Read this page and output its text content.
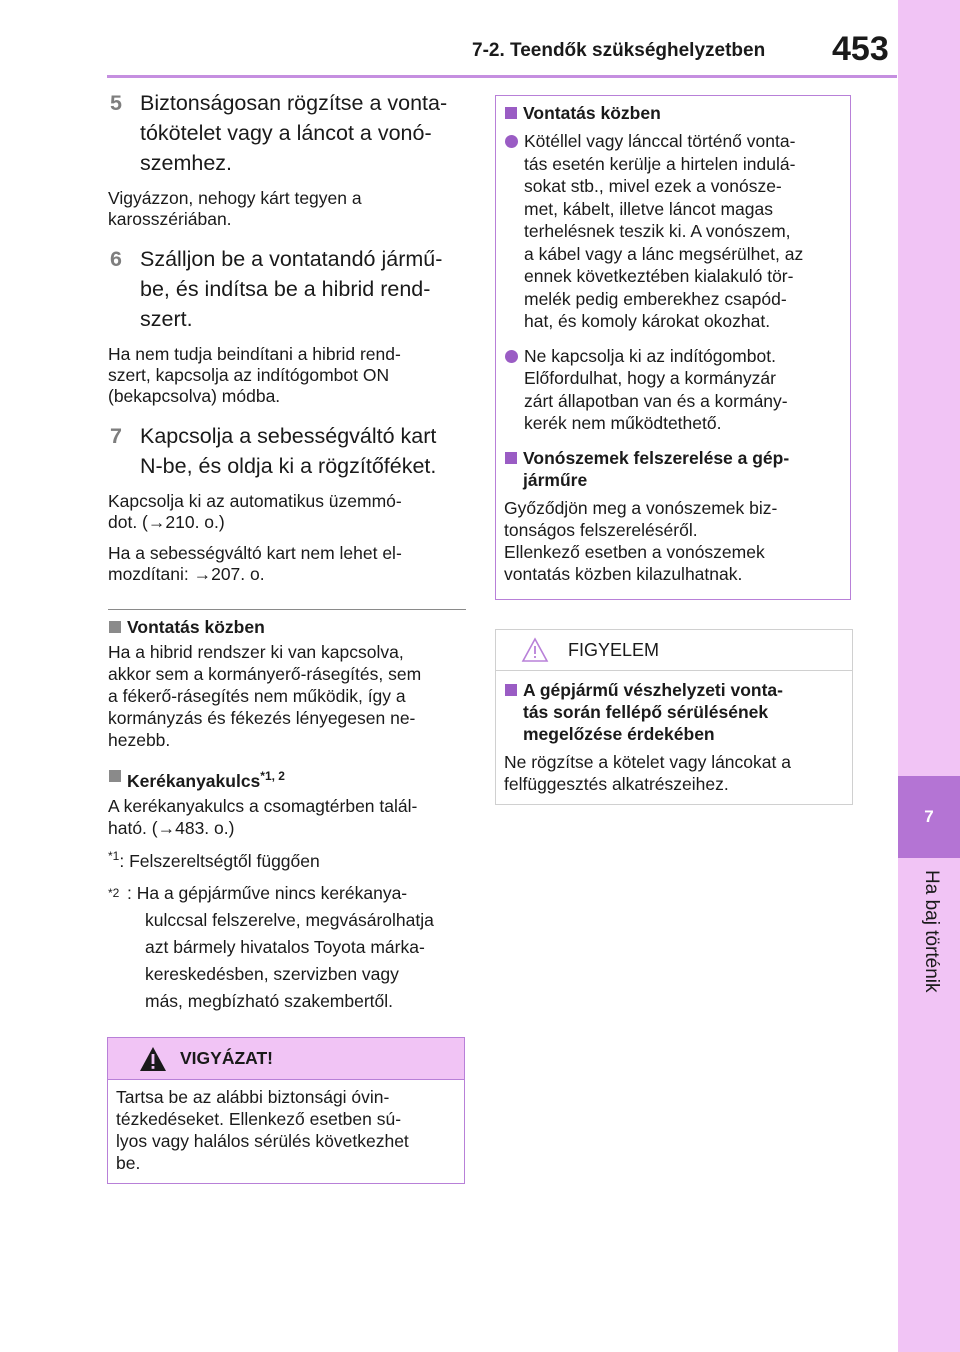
7-2. Teendők szükséghelyzetben 453
7
Ha baj történik
5 Biztonságosan rögzítse a vonta-
tókötelet vagy a láncot a vonó-
szemhez.
Vigyázzon, nehogy kárt tegyen a
karosszériában.
6 Szálljon be a vontatandó jármű-
be, és indítsa be a hibrid rend-
szert.
Ha nem tudja beindítani a hibrid rend-
szert, kapcsolja az indítógombot ON
(bekapcsolva) módba.
7 Kapcsolja a sebességváltó kart
N-be, és oldja ki a rögzítőféket.
Kapcsolja ki az automatikus üzemmó-
dot. (→210. o.)
Ha a sebességváltó kart nem lehet el-
mozdítani: →207. o.
Vontatás közben
Ha a hibrid rendszer ki van kapcsolva,
akkor sem a kormányerő-rásegítés, sem
a fékerő-rásegítés nem működik, így a
kormányzás és fékezés lényegesen ne-
hezebb.
Kerékanyakulcs$^{*1, 2}$
A kerékanyakulcs a csomagtérben talál-
ható. (→483. o.)
$^{*1}$: Felszereltségtől függően
$^{*2}$ : Ha a gépjárműve nincs kerékanya-
kulccsal felszerelve, megvásárolhatja
azt bármely hivatalos Toyota márka-
kereskedésben, szervizben vagy
más, megbízható szakembertől.
VIGYÁZAT!
Tartsa be az alábbi biztonsági óvin-
tézkedéseket. Ellenkező esetben sú-
lyos vagy halálos sérülés következhet
be.
Vontatás közben
Kötéllel vagy lánccal történő vonta-
tás esetén kerülje a hirtelen indulá-
sokat stb., mivel ezek a vonósze-
met, kábelt, illetve láncot magas
terhelésnek teszik ki. A vonószem,
a kábel vagy a lánc megsérülhet, az
ennek következtében kialakuló tör-
melék pedig emberekhez csapód-
hat, és komoly károkat okozhat.
Ne kapcsolja ki az indítógombot.
Előfordulhat, hogy a kormányzár
zárt állapotban van és a kormány-
kerék nem működtethető.
Vonószemek felszerelése a gép-
járműre
Győződjön meg a vonószemek biz-
tonságos felszereléséről.
Ellenkező esetben a vonószemek
vontatás közben kilazulhatnak.
FIGYELEM
A gépjármű vészhelyzeti vonta-
tás során fellépő sérülésének
megelőzése érdekében
Ne rögzítse a kötelet vagy láncokat a
felfüggesztés alkatrészeihez.
